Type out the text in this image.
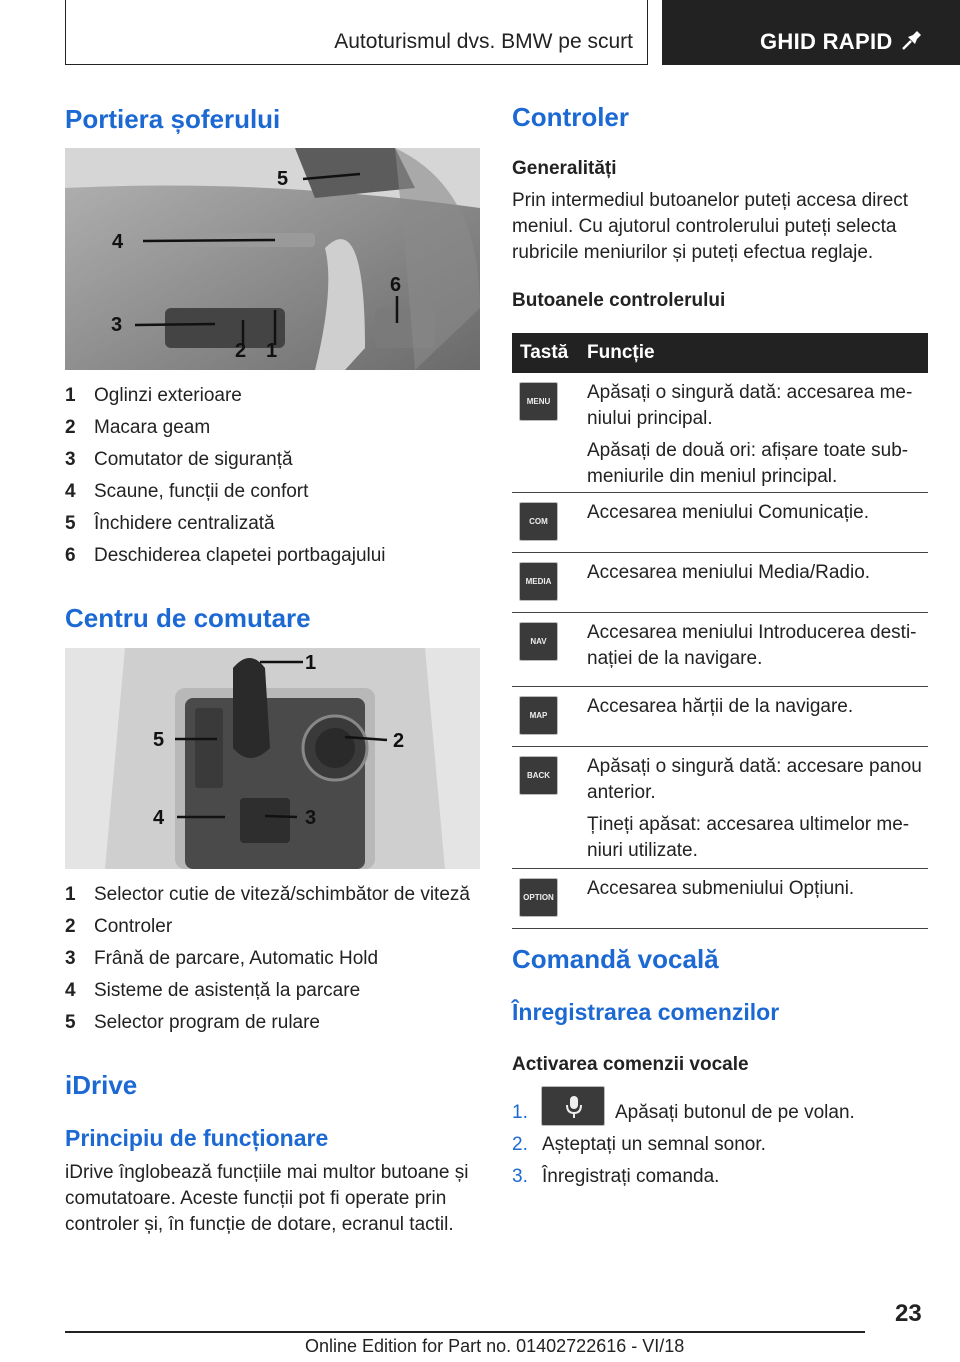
Autoturismul dvs. BMW pe scurt	GHID RAPID
Portiera șoferului
5
4
6
3
2 1
1 Oglinzi exterioare
2 Macara geam
3 Comutator de siguranță
4 Scaune, funcții de confort
5 Închidere centralizată
6 Deschiderea clapetei portbagajului
Centru de comutare
1
2
5
4	3
1 Selector cutie de viteză/schimbător de viteză
2 Controler
3 Frână de parcare, Automatic Hold
4 Sisteme de asistență la parcare
5 Selector program de rulare
iDrive
Principiu de funcționare
iDrive înglobează funcțiile mai multor butoane și
comutatoare. Aceste funcții pot fi operate prin
controler și, în funcție de dotare, ecranul tactil.
Controler
Generalități
Prin intermediul butoanelor puteți accesa direct
meniul. Cu ajutorul controlerului puteți selecta
rubricile meniurilor și puteți efectua reglaje.
Butoanele controlerului
Tastă Funcție
MENU	Apăsați o singură dată: accesarea me-
niului principal.

Apăsați de două ori: afișare toate sub-
meniurile din meniul principal.

COM	Accesarea meniului Comunicație.

MEDIA	Accesarea meniului Media/Radio.

NAV	Accesarea meniului Introducerea desti-
nației de la navigare.

MAP	Accesarea hărții de la navigare.

BACK	Apăsați o singură dată: accesare panou
anterior.

Țineți apăsat: accesarea ultimelor me-
niuri utilizate.

OPTION Accesarea submeniului Opțiuni.

Comandă vocală
Înregistrarea comenzilor
Activarea comenzii vocale
1.	Apăsați butonul de pe volan.
2. Așteptați un semnal sonor.
3. Înregistrați comanda.
23
Online Edition for Part no. 01402722616 - VI/18
